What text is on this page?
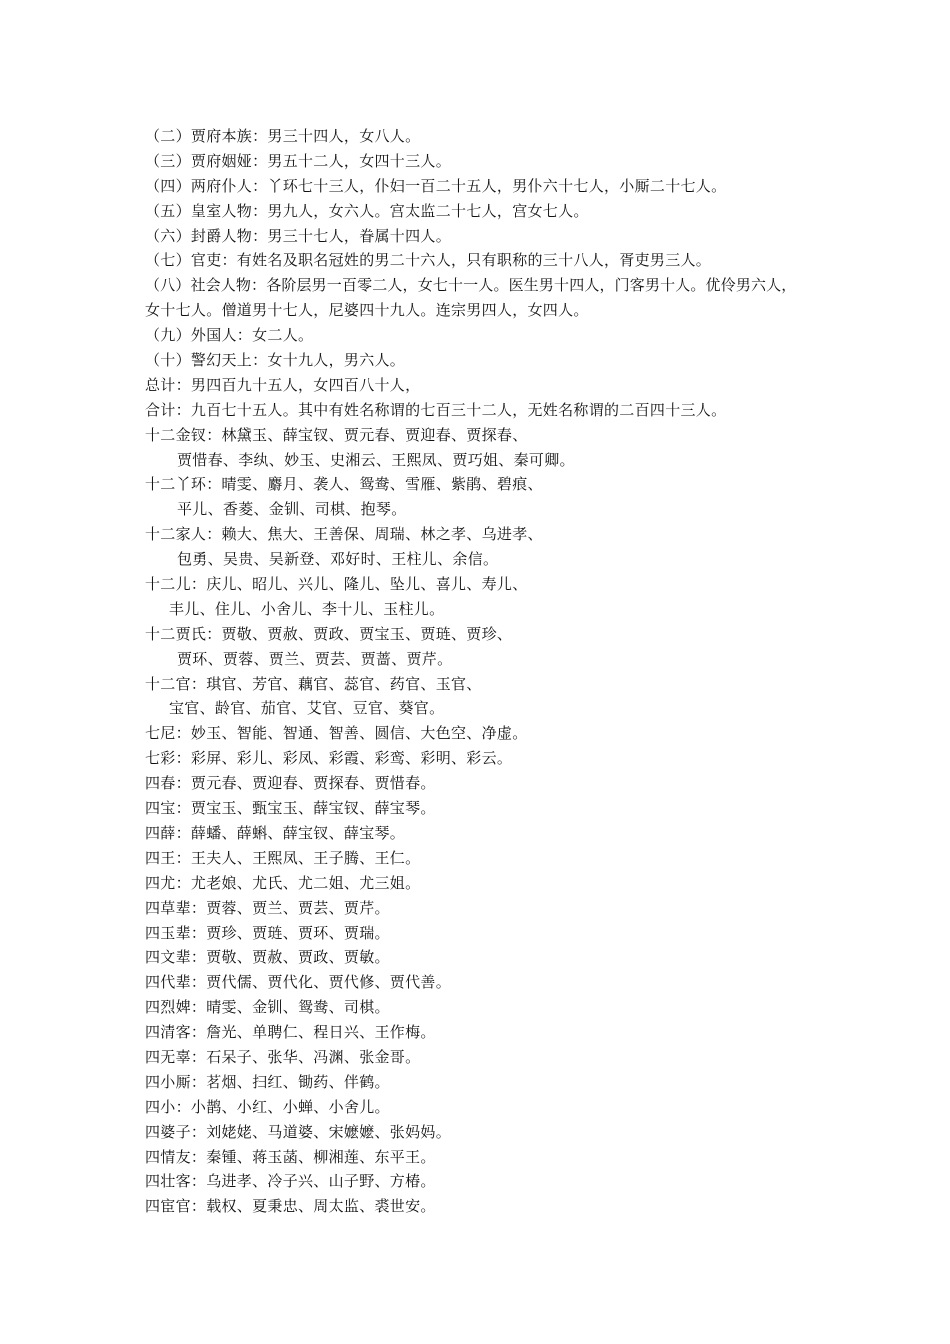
（二）贾府本族：男三十四人，女八人。
（三）贾府姻娅：男五十二人，女四十三人。
（四）两府仆人：丫环七十三人，仆妇一百二十五人，男仆六十七人，小厮二十七人。
（五）皇室人物：男九人，女六人。宫太监二十七人，宫女七人。
（六）封爵人物：男三十七人，眷属十四人。
（七）官吏：有姓名及职名冠姓的男二十六人，只有职称的三十八人，胥吏男三人。
（八）社会人物：各阶层男一百零二人，女七十一人。医生男十四人，门客男十人。优伶男六人，
女十七人。僧道男十七人，尼婆四十九人。连宗男四人，女四人。
（九）外国人：女二人。
（十）警幻天上：女十九人，男六人。
总计：男四百九十五人，女四百八十人，
合计：九百七十五人。其中有姓名称谓的七百三十二人，无姓名称谓的二百四十三人。
十二金钗：林黛玉、薛宝钗、贾元春、贾迎春、贾探春、
贾惜春、李纨、妙玉、史湘云、王熙凤、贾巧姐、秦可卿。
十二丫环：晴雯、麝月、袭人、鸳鸯、雪雁、紫鹃、碧痕、
平儿、香菱、金钏、司棋、抱琴。
十二家人：赖大、焦大、王善保、周瑞、林之孝、乌进孝、
包勇、吴贵、吴新登、邓好时、王柱儿、余信。
十二儿：庆儿、昭儿、兴儿、隆儿、坠儿、喜儿、寿儿、
丰儿、住儿、小舍儿、李十儿、玉柱儿。
十二贾氏：贾敬、贾赦、贾政、贾宝玉、贾琏、贾珍、
贾环、贾蓉、贾兰、贾芸、贾蔷、贾芹。
十二官：琪官、芳官、藕官、蕊官、药官、玉官、
宝官、龄官、茄官、艾官、豆官、葵官。
七尼：妙玉、智能、智通、智善、圆信、大色空、净虚。
七彩：彩屏、彩儿、彩凤、彩霞、彩鸾、彩明、彩云。
四春：贾元春、贾迎春、贾探春、贾惜春。
四宝：贾宝玉、甄宝玉、薛宝钗、薛宝琴。
四薛：薛蟠、薛蝌、薛宝钗、薛宝琴。
四王：王夫人、王熙凤、王子腾、王仁。
四尤：尤老娘、尤氏、尤二姐、尤三姐。
四草辈：贾蓉、贾兰、贾芸、贾芹。
四玉辈：贾珍、贾琏、贾环、贾瑞。
四文辈：贾敬、贾赦、贾政、贾敏。
四代辈：贾代儒、贾代化、贾代修、贾代善。
四烈婢：晴雯、金钏、鸳鸯、司棋。
四清客：詹光、单聘仁、程日兴、王作梅。
四无辜：石呆子、张华、冯渊、张金哥。
四小厮：茗烟、扫红、锄药、伴鹤。
四小：小鹊、小红、小蝉、小舍儿。
四婆子：刘姥姥、马道婆、宋嬷嬷、张妈妈。
四情友：秦锺、蒋玉菡、柳湘莲、东平王。
四壮客：乌进孝、冷子兴、山子野、方椿。
四宦官：载权、夏秉忠、周太监、裘世安。
